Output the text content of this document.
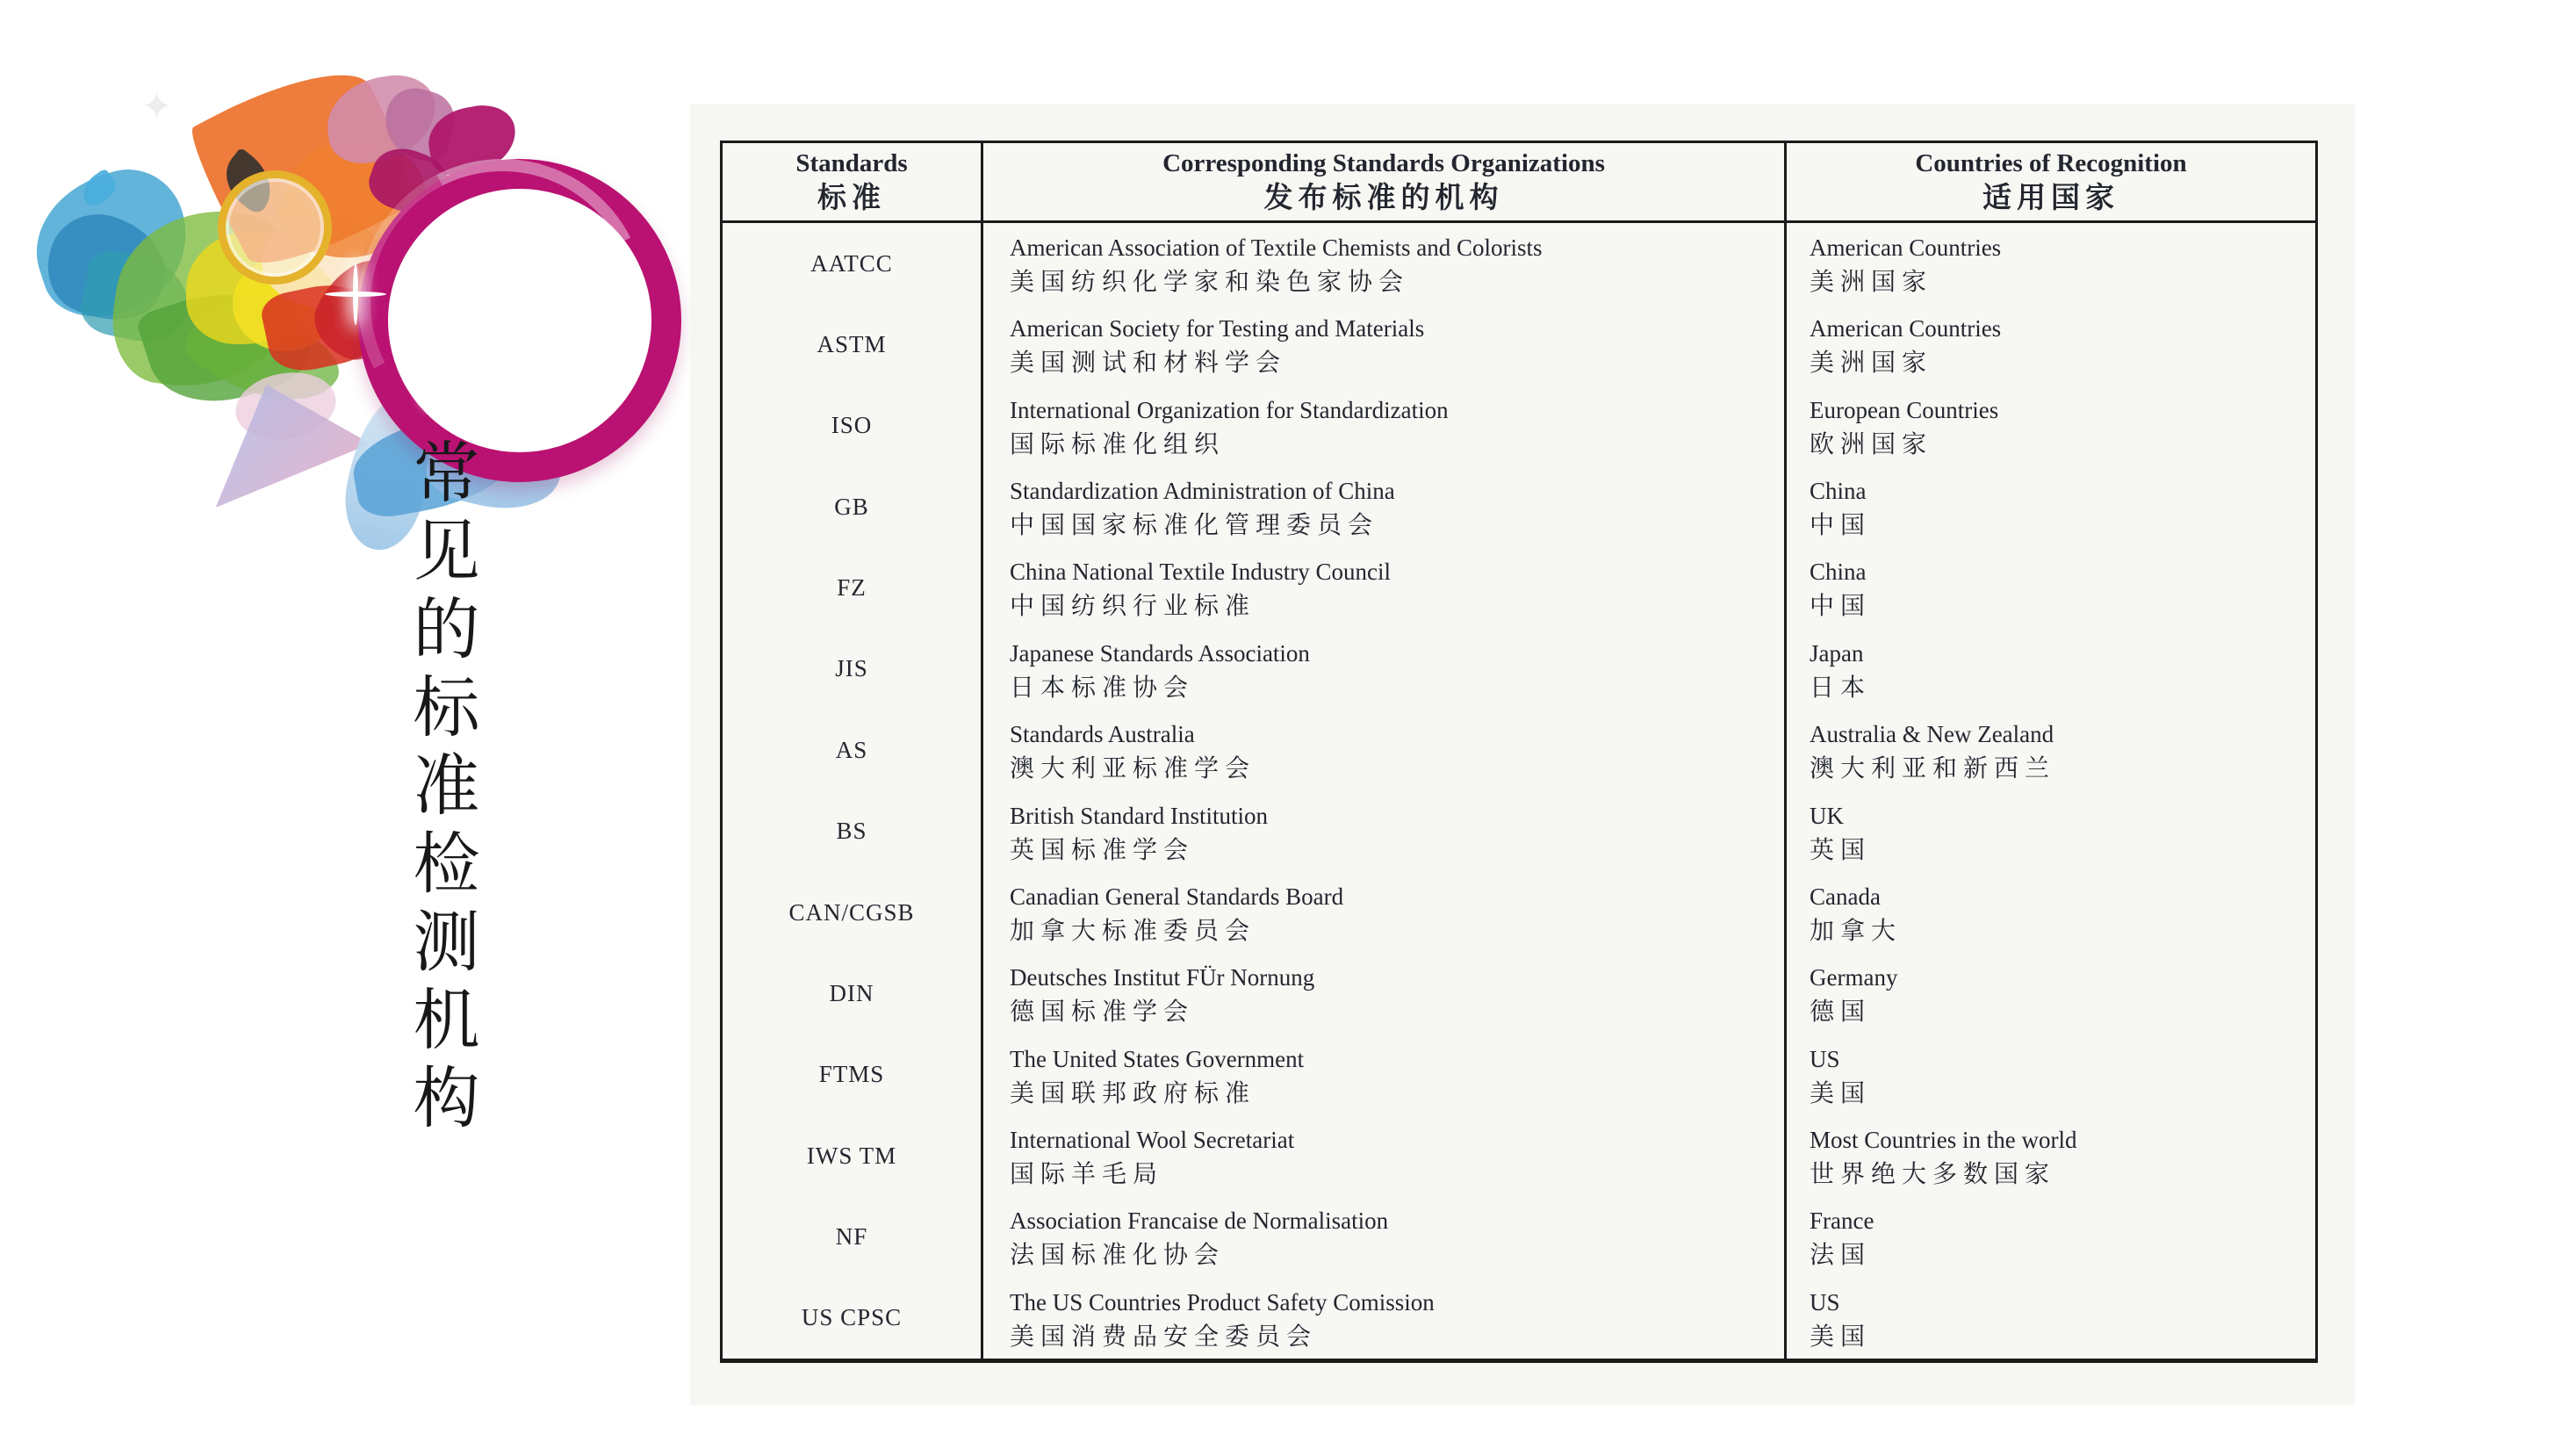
✦
常见的标准检测机构
Standards
标准
Corresponding Standards Organizations
发布标准的机构
Countries of Recognition
适用国家
AATCC
American Association of Textile Chemists and Colorists
美国纺织化学家和染色家协会
American Countries
美洲国家
ASTM
American Society for Testing and Materials
美国测试和材料学会
American Countries
美洲国家
ISO
International Organization for Standardization
国际标准化组织
European Countries
欧洲国家
GB
Standardization Administration of China
中国国家标准化管理委员会
China
中国
FZ
China National Textile Industry Council
中国纺织行业标准
China
中国
JIS
Japanese Standards Association
日本标准协会
Japan
日本
AS
Standards Australia
澳大利亚标准学会
Australia & New Zealand
澳大利亚和新西兰
BS
British Standard Institution
英国标准学会
UK
英国
CAN/CGSB
Canadian General Standards Board
加拿大标准委员会
Canada
加拿大
DIN
Deutsches Institut FÜr Nornung
德国标准学会
Germany
德国
FTMS
The United States Government
美国联邦政府标准
US
美国
IWS TM
International Wool Secretariat
国际羊毛局
Most Countries in the world
世界绝大多数国家
NF
Association Francaise de Normalisation
法国标准化协会
France
法国
US CPSC
The US Countries Product Safety Comission
美国消费品安全委员会
US
美国
